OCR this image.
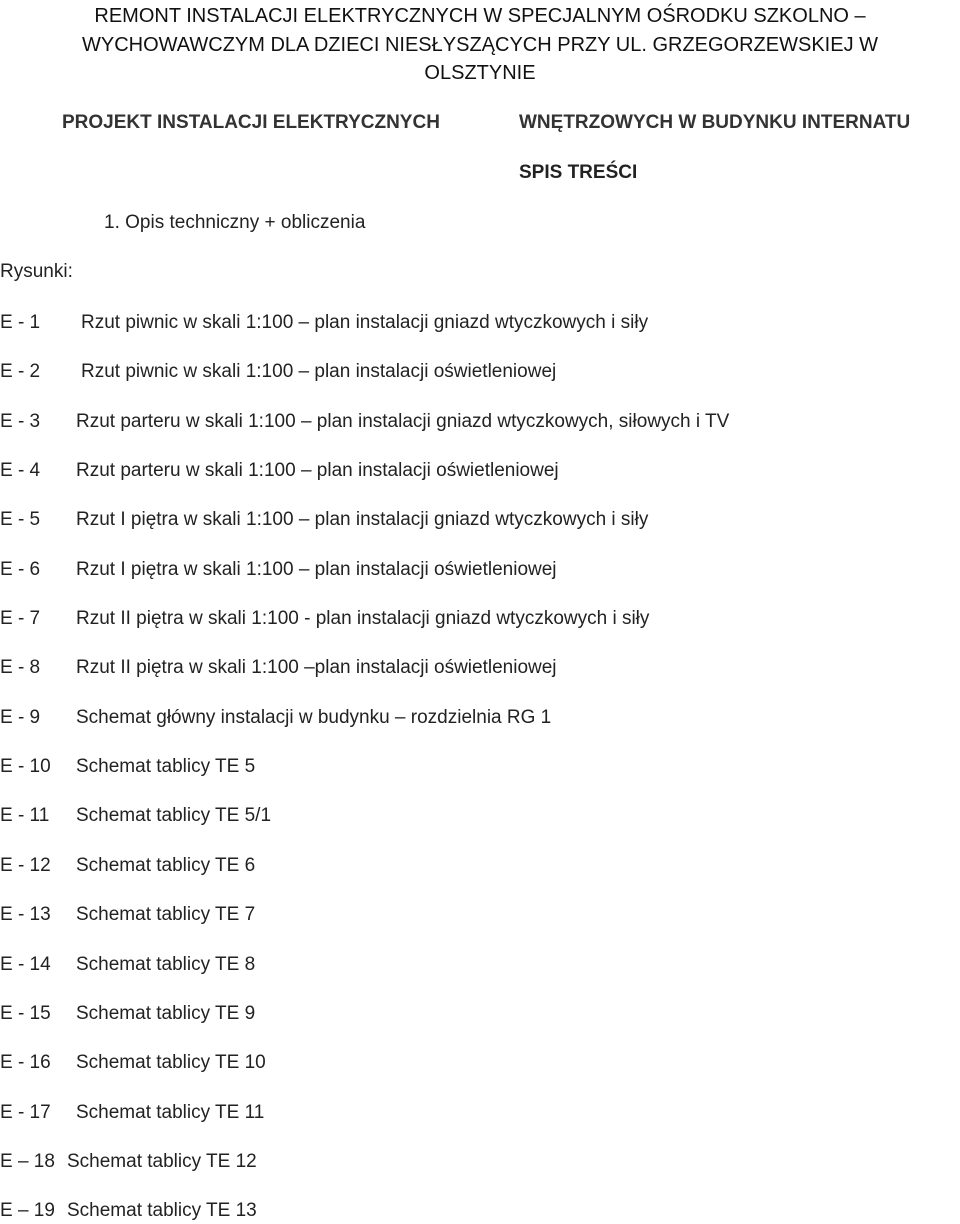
REMONT INSTALACJI ELEKTRYCZNYCH W SPECJALNYM OŚRODKU SZKOLNO –
WYCHOWAWCZYM DLA DZIECI NIESŁYSZĄCYCH PRZY UL. GRZEGORZEWSKIEJ W
OLSZTYNIE
PROJEKT INSTALACJI ELEKTRYCZNYCH	WNĘTRZOWYCH W BUDYNKU INTERNATU
SPIS TREŚCI
1. Opis techniczny + obliczenia
Rysunki:
E - 1 Rzut piwnic w skali 1:100 – plan instalacji gniazd wtyczkowych i siły
E - 2 Rzut piwnic w skali 1:100 – plan instalacji oświetleniowej
E - 3 Rzut parteru w skali 1:100 – plan instalacji gniazd wtyczkowych, siłowych i TV
E - 4 Rzut parteru w skali 1:100 – plan instalacji oświetleniowej
E - 5 Rzut I piętra w skali 1:100 – plan instalacji gniazd wtyczkowych i siły
E - 6 Rzut I piętra w skali 1:100 – plan instalacji oświetleniowej
E - 7 Rzut II piętra w skali 1:100 - plan instalacji gniazd wtyczkowych i siły
E - 8 Rzut II piętra w skali 1:100 –plan instalacji oświetleniowej
E - 9 Schemat główny instalacji w budynku – rozdzielnia RG 1
E - 10 Schemat tablicy TE 5
E - 11 Schemat tablicy TE 5/1
E - 12 Schemat tablicy TE 6
E - 13 Schemat tablicy TE 7
E - 14 Schemat tablicy TE 8
E - 15 Schemat tablicy TE 9
E - 16 Schemat tablicy TE 10
E - 17 Schemat tablicy TE 11
E – 18 Schemat tablicy TE 12
E – 19 Schemat tablicy TE 13
